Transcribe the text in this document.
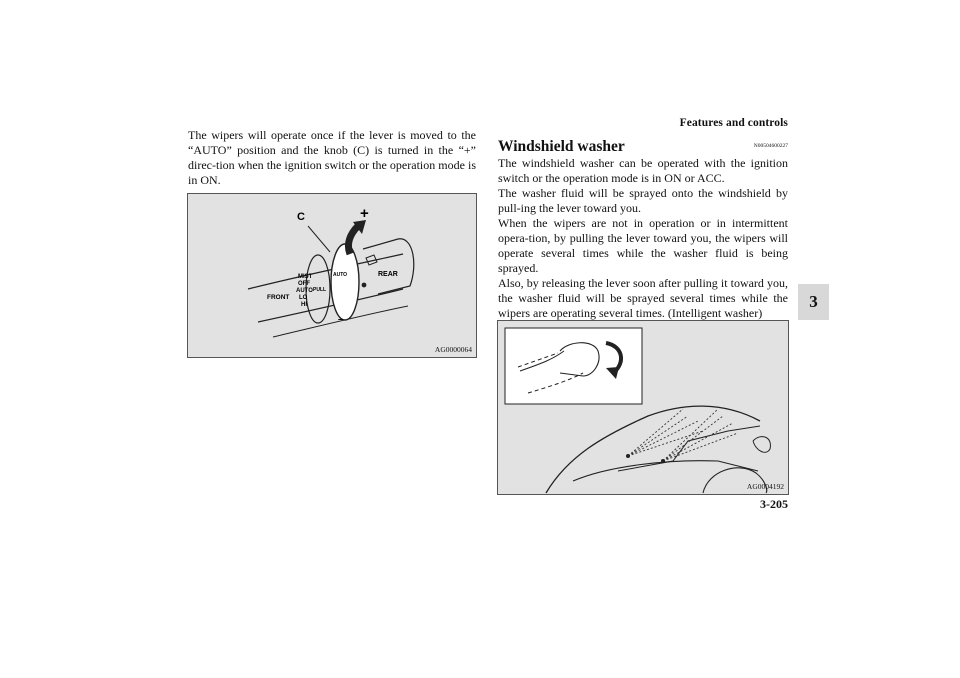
Features and controls
3

The wipers will operate once if the lever is moved to the “AUTO” position and the knob (C) is turned in the “+” direc-tion when the ignition switch or the operation mode is in ON.

C	+
–
MIST
OFF
AUTO
LO
HI
FRONT
AUTO
PULL
REAR
AG0000064
Windshield washer	N00504600227

The windshield washer can be operated with the ignition switch or the operation mode is in ON or ACC.

The washer fluid will be sprayed onto the windshield by pull-ing the lever toward you.

When the wipers are not in operation or in intermittent opera-tion, by pulling the lever toward you, the wipers will operate several times while the washer fluid is being sprayed.

Also, by releasing the lever soon after pulling it toward you, the washer fluid will be sprayed several times while the wipers are operating several times. (Intelligent washer)

AG0004192
3-205
